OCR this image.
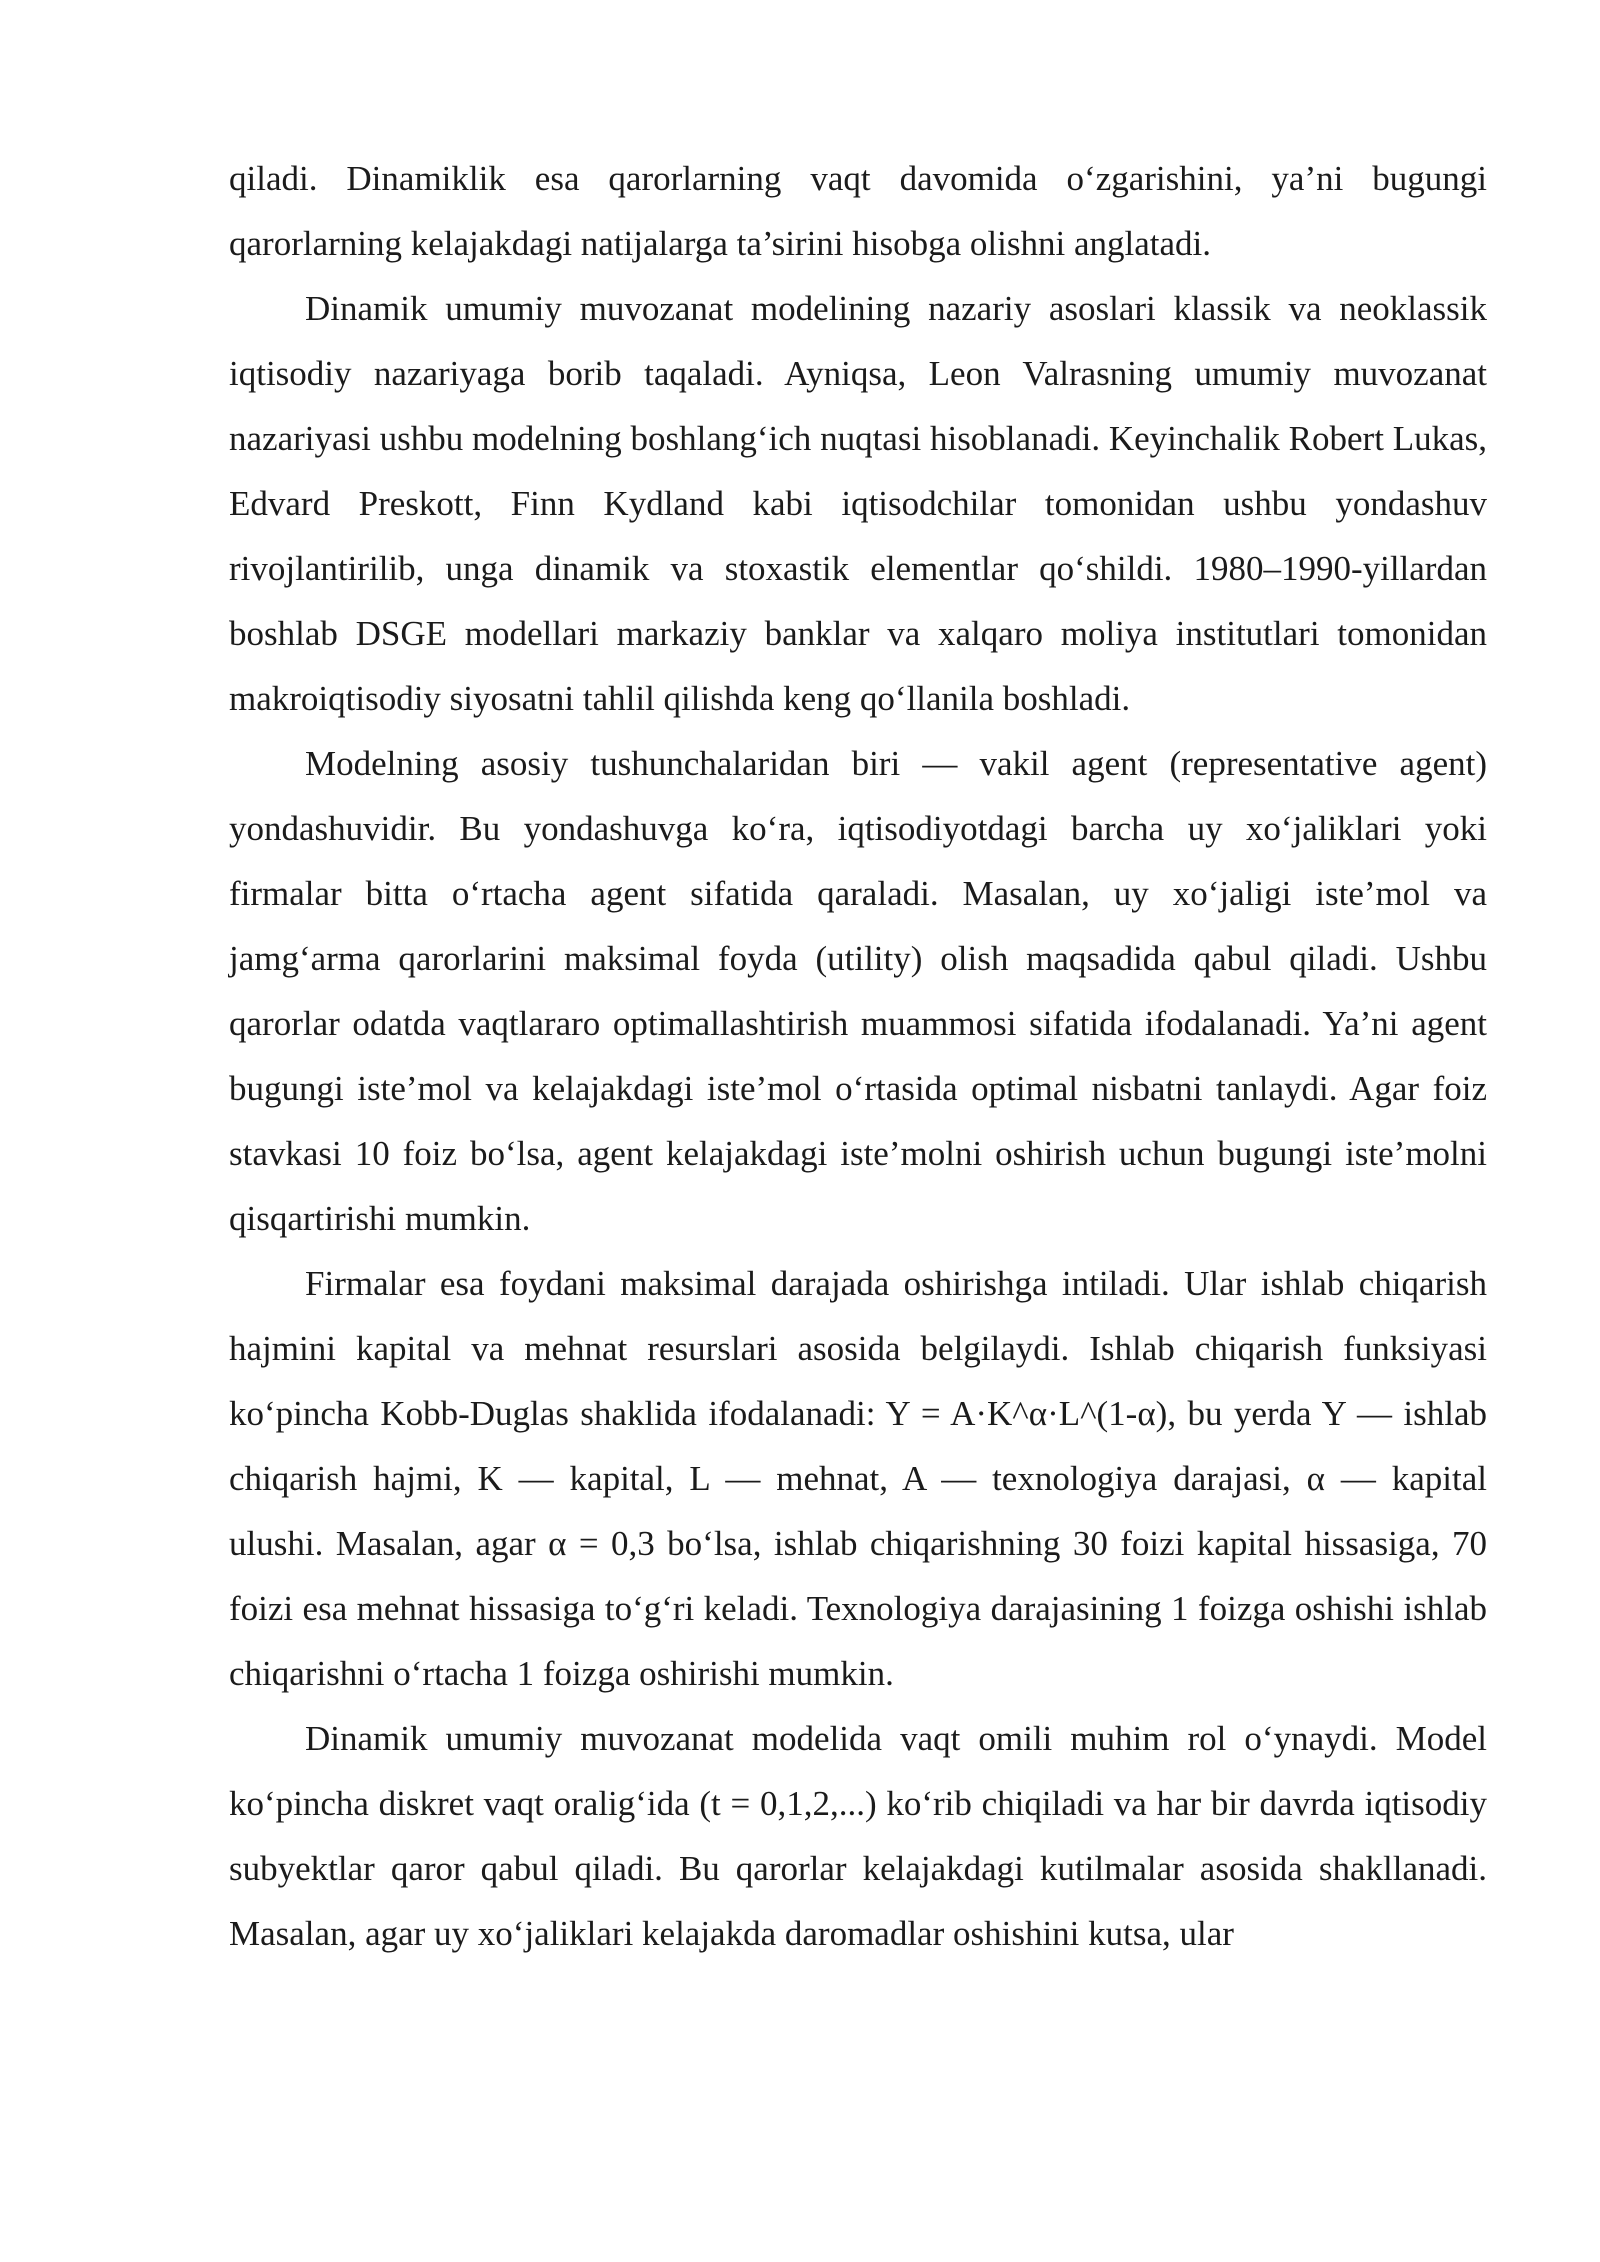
qiladi. Dinamiklik esa qarorlarning vaqt davomida o‘zgarishini, ya’ni bugungi qarorlarning kelajakdagi natijalarga ta’sirini hisobga olishni anglatadi.

Dinamik umumiy muvozanat modelining nazariy asoslari klassik va neoklassik iqtisodiy nazariyaga borib taqaladi. Ayniqsa, Leon Valrasning umumiy muvozanat nazariyasi ushbu modelning boshlang‘ich nuqtasi hisoblanadi. Keyinchalik Robert Lukas, Edvard Preskott, Finn Kydland kabi iqtisodchilar tomonidan ushbu yondashuv rivojlantirilib, unga dinamik va stoxastik elementlar qo‘shildi. 1980–1990-yillardan boshlab DSGE modellari markaziy banklar va xalqaro moliya institutlari tomonidan makroiqtisodiy siyosatni tahlil qilishda keng qo‘llanila boshladi.

Modelning asosiy tushunchalaridan biri — vakil agent (representative agent) yondashuvidir. Bu yondashuvga ko‘ra, iqtisodiyotdagi barcha uy xo‘jaliklari yoki firmalar bitta o‘rtacha agent sifatida qaraladi. Masalan, uy xo‘jaligi iste’mol va jamg‘arma qarorlarini maksimal foyda (utility) olish maqsadida qabul qiladi. Ushbu qarorlar odatda vaqtlararo optimallashtirish muammosi sifatida ifodalanadi. Ya’ni agent bugungi iste’mol va kelajakdagi iste’mol o‘rtasida optimal nisbatni tanlaydi. Agar foiz stavkasi 10 foiz bo‘lsa, agent kelajakdagi iste’molni oshirish uchun bugungi iste’molni qisqartirishi mumkin.

Firmalar esa foydani maksimal darajada oshirishga intiladi. Ular ishlab chiqarish hajmini kapital va mehnat resurslari asosida belgilaydi. Ishlab chiqarish funksiyasi ko‘pincha Kobb-Duglas shaklida ifodalanadi: Y = A·K^α·L^(1-α), bu yerda Y — ishlab chiqarish hajmi, K — kapital, L — mehnat, A — texnologiya darajasi, α — kapital ulushi. Masalan, agar α = 0,3 bo‘lsa, ishlab chiqarishning 30 foizi kapital hissasiga, 70 foizi esa mehnat hissasiga to‘g‘ri keladi. Texnologiya darajasining 1 foizga oshishi ishlab chiqarishni o‘rtacha 1 foizga oshirishi mumkin.

Dinamik umumiy muvozanat modelida vaqt omili muhim rol o‘ynaydi. Model ko‘pincha diskret vaqt oralig‘ida (t = 0,1,2,...) ko‘rib chiqiladi va har bir davrda iqtisodiy subyektlar qaror qabul qiladi. Bu qarorlar kelajakdagi kutilmalar asosida shakllanadi. Masalan, agar uy xo‘jaliklari kelajakda daromadlar oshishini kutsa, ular
